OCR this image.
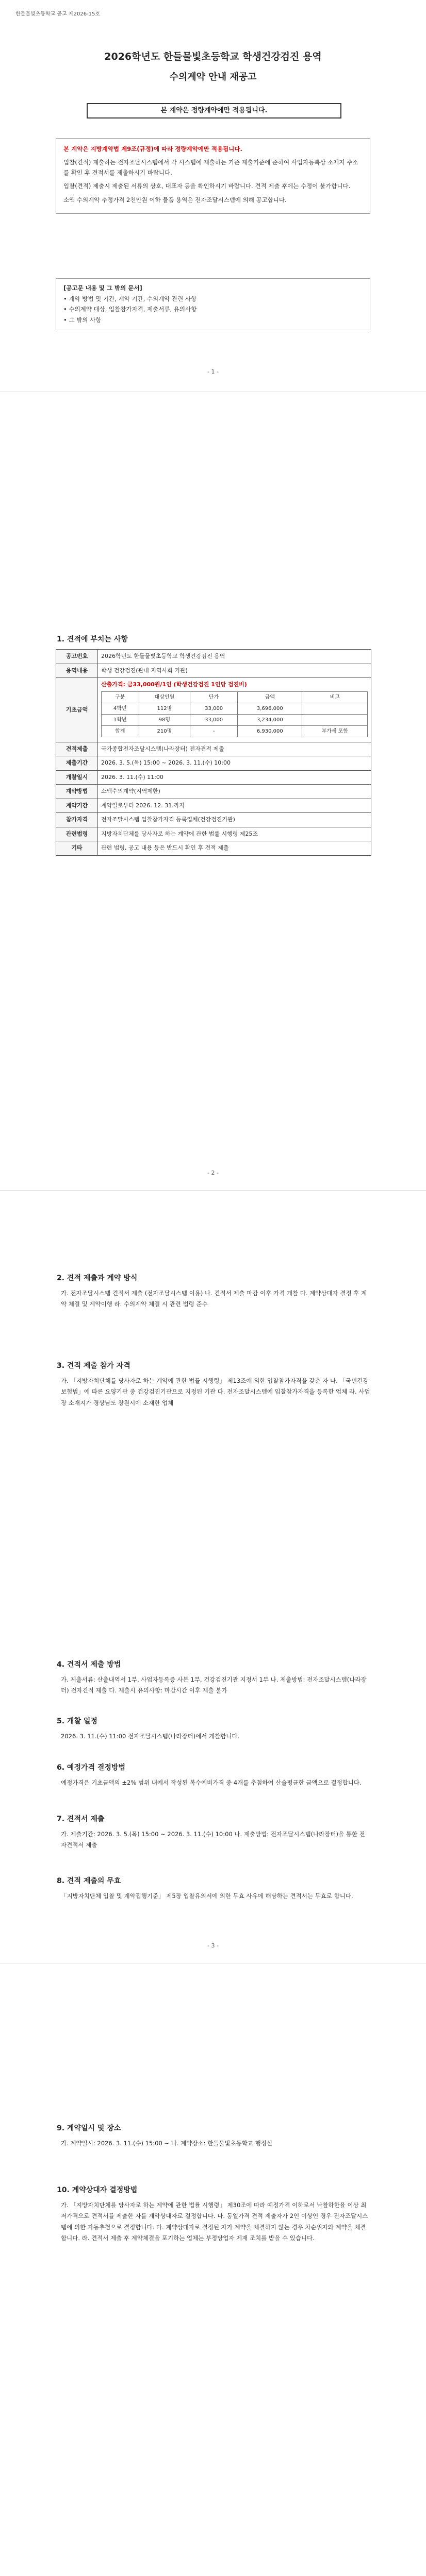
한들물빛초등학교 공고 제2026-15호
2026학년도 한들물빛초등학교 학생건강검진 용역
수의계약 안내 재공고
본 계약은 정량계약에만 적용됩니다.

본 계약은 지방계약법 제9조(규정)에 따라 정량계약에만 적용됩니다.

입찰(견적) 제출하는 전자조달시스템에서 각 시스템에 제출하는 기준 제출기준에 준하여 사업자등록상 소재지 주소를 확인 후 견적서를 제출하시기 바랍니다.

입찰(견적) 제출시 제출된 서류의 상호, 대표자 등을 확인하시기 바랍니다. 견적 제출 후에는 수정이 불가합니다.

소액 수의계약 추정가격 2천만원 이하 물품 용역은 전자조달시스템에 의해 공고합니다.

[공고문 내용 및 그 밖의 문서]
• 계약 방법 및 기간, 계약 기간, 수의계약 관련 사항
• 수의계약 대상, 입찰참가자격, 제출서류, 유의사항
• 그 밖의 사항
- 1 -
1. 견적에 부치는 사항
공고번호	2026학년도 한들물빛초등학교 학생건강검진 용역
용역내용	학생 건강검진(관내 지역사회 기관)
기초금액	
산출가격: 금33,000원/1인 (학생건강검진 1인당 검진비)
구분	대상인원	단가	금액	비고
4학년	112명	33,000	3,696,000	
1학년	98명	33,000	3,234,000	
합계	210명	-	6,930,000	부가세 포함

견적제출	국가종합전자조달시스템(나라장터) 전자견적 제출
제출기간	2026. 3. 5.(목) 15:00 ~ 2026. 3. 11.(수) 10:00
개찰일시	2026. 3. 11.(수) 11:00
계약방법	소액수의계약(지역제한)
계약기간	계약일로부터 2026. 12. 31.까지
참가자격	전자조달시스템 입찰참가자격 등록업체(건강검진기관)
관련법령	지방자치단체를 당사자로 하는 계약에 관한 법률 시행령 제25조
기타	관련 법령, 공고 내용 등은 반드시 확인 후 견적 제출
- 2 -
2. 견적 제출과 계약 방식
가. 전자조달시스템 견적서 제출 (전자조달시스템 이용) 나. 견적서 제출 마감 이후 가격 개찰 다. 계약상대자 결정 후 계약 체결 및 계약이행 라. 수의계약 체결 시 관련 법령 준수
3. 견적 제출 참가 자격
가. 「지방자치단체를 당사자로 하는 계약에 관한 법률 시행령」 제13조에 의한 입찰참가자격을 갖춘 자 나. 「국민건강보험법」에 따른 요양기관 중 건강검진기관으로 지정된 기관 다. 전자조달시스템에 입찰참가자격을 등록한 업체 라. 사업장 소재지가 경상남도 창원시에 소재한 업체
4. 견적서 제출 방법
가. 제출서류: 산출내역서 1부, 사업자등록증 사본 1부, 건강검진기관 지정서 1부 나. 제출방법: 전자조달시스템(나라장터) 전자견적 제출 다. 제출시 유의사항: 마감시간 이후 제출 불가
5. 개찰 일정
2026. 3. 11.(수) 11:00 전자조달시스템(나라장터)에서 개찰합니다.
6. 예정가격 결정방법
예정가격은 기초금액의 ±2% 범위 내에서 작성된 복수예비가격 중 4개를 추첨하여 산술평균한 금액으로 결정합니다.
7. 견적서 제출
가. 제출기간: 2026. 3. 5.(목) 15:00 ~ 2026. 3. 11.(수) 10:00 나. 제출방법: 전자조달시스템(나라장터)을 통한 전자견적서 제출
8. 견적 제출의 무효
「지방자치단체 입찰 및 계약집행기준」 제5장 입찰유의서에 의한 무효 사유에 해당하는 견적서는 무효로 합니다.
- 3 -
9. 계약일시 및 장소
가. 계약일시: 2026. 3. 11.(수) 15:00 ~ 나. 계약장소: 한들물빛초등학교 행정실
10. 계약상대자 결정방법
가. 「지방자치단체를 당사자로 하는 계약에 관한 법률 시행령」 제30조에 따라 예정가격 이하로서 낙찰하한율 이상 최저가격으로 견적서를 제출한 자를 계약상대자로 결정합니다. 나. 동일가격 견적 제출자가 2인 이상인 경우 전자조달시스템에 의한 자동추첨으로 결정합니다. 다. 계약상대자로 결정된 자가 계약을 체결하지 않는 경우 차순위자와 계약을 체결합니다. 라. 견적서 제출 후 계약체결을 포기하는 업체는 부정당업자 제재 조치를 받을 수 있습니다.
